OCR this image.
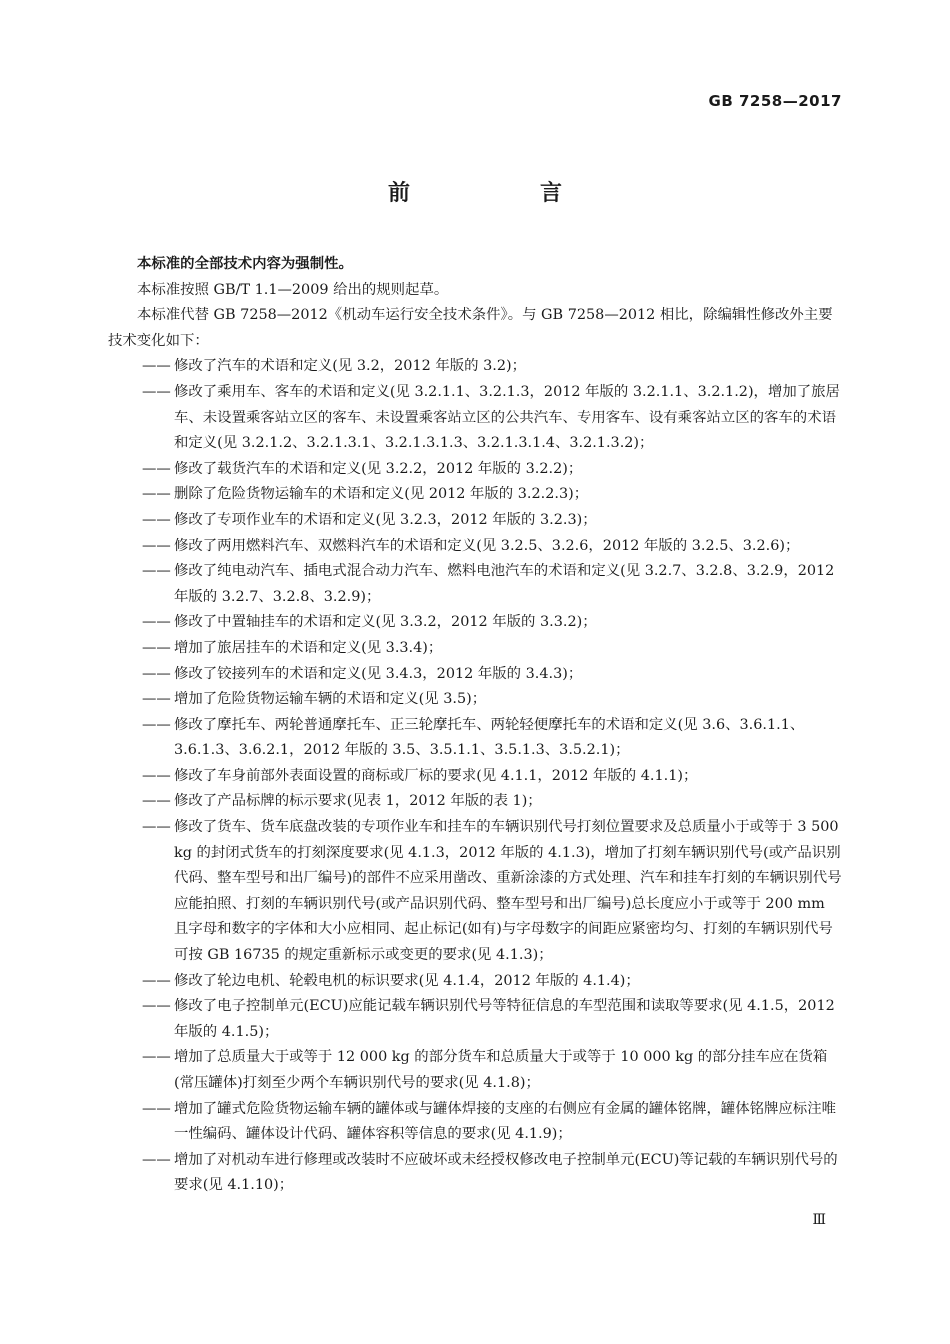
GB 7258—2017
前　言

本标准的全部技术内容为强制性。

本标准按照 GB/T 1.1—2009 给出的规则起草。

本标准代替 GB 7258—2012《机动车运行安全技术条件》。与 GB 7258—2012 相比，除编辑性修改外主要技术变化如下：

—— 修改了汽车的术语和定义(见 3.2，2012 年版的 3.2)；
—— 修改了乘用车、客车的术语和定义(见 3.2.1.1、3.2.1.3，2012 年版的 3.2.1.1、3.2.1.2)，增加了旅居车、未设置乘客站立区的客车、未设置乘客站立区的公共汽车、专用客车、设有乘客站立区的客车的术语和定义(见 3.2.1.2、3.2.1.3.1、3.2.1.3.1.3、3.2.1.3.1.4、3.2.1.3.2)；
—— 修改了载货汽车的术语和定义(见 3.2.2，2012 年版的 3.2.2)；
—— 删除了危险货物运输车的术语和定义(见 2012 年版的 3.2.2.3)；
—— 修改了专项作业车的术语和定义(见 3.2.3，2012 年版的 3.2.3)；
—— 修改了两用燃料汽车、双燃料汽车的术语和定义(见 3.2.5、3.2.6，2012 年版的 3.2.5、3.2.6)；
—— 修改了纯电动汽车、插电式混合动力汽车、燃料电池汽车的术语和定义(见 3.2.7、3.2.8、3.2.9，2012 年版的 3.2.7、3.2.8、3.2.9)；
—— 修改了中置轴挂车的术语和定义(见 3.3.2，2012 年版的 3.3.2)；
—— 增加了旅居挂车的术语和定义(见 3.3.4)；
—— 修改了铰接列车的术语和定义(见 3.4.3，2012 年版的 3.4.3)；
—— 增加了危险货物运输车辆的术语和定义(见 3.5)；
—— 修改了摩托车、两轮普通摩托车、正三轮摩托车、两轮轻便摩托车的术语和定义(见 3.6、3.6.1.1、3.6.1.3、3.6.2.1，2012 年版的 3.5、3.5.1.1、3.5.1.3、3.5.2.1)；
—— 修改了车身前部外表面设置的商标或厂标的要求(见 4.1.1，2012 年版的 4.1.1)；
—— 修改了产品标牌的标示要求(见表 1，2012 年版的表 1)；
—— 修改了货车、货车底盘改装的专项作业车和挂车的车辆识别代号打刻位置要求及总质量小于或等于 3 500 kg 的封闭式货车的打刻深度要求(见 4.1.3，2012 年版的 4.1.3)，增加了打刻车辆识别代号(或产品识别代码、整车型号和出厂编号)的部件不应采用凿改、重新涂漆的方式处理、汽车和挂车打刻的车辆识别代号应能拍照、打刻的车辆识别代号(或产品识别代码、整车型号和出厂编号)总长度应小于或等于 200 mm 且字母和数字的字体和大小应相同、起止标记(如有)与字母数字的间距应紧密均匀、打刻的车辆识别代号可按 GB 16735 的规定重新标示或变更的要求(见 4.1.3)；
—— 修改了轮边电机、轮毂电机的标识要求(见 4.1.4，2012 年版的 4.1.4)；
—— 修改了电子控制单元(ECU)应能记载车辆识别代号等特征信息的车型范围和读取等要求(见 4.1.5，2012 年版的 4.1.5)；
—— 增加了总质量大于或等于 12 000 kg 的部分货车和总质量大于或等于 10 000 kg 的部分挂车应在货箱(常压罐体)打刻至少两个车辆识别代号的要求(见 4.1.8)；
—— 增加了罐式危险货物运输车辆的罐体或与罐体焊接的支座的右侧应有金属的罐体铭牌，罐体铭牌应标注唯一性编码、罐体设计代码、罐体容积等信息的要求(见 4.1.9)；
—— 增加了对机动车进行修理或改装时不应破坏或未经授权修改电子控制单元(ECU)等记载的车辆识别代号的要求(见 4.1.10)；
Ⅲ
